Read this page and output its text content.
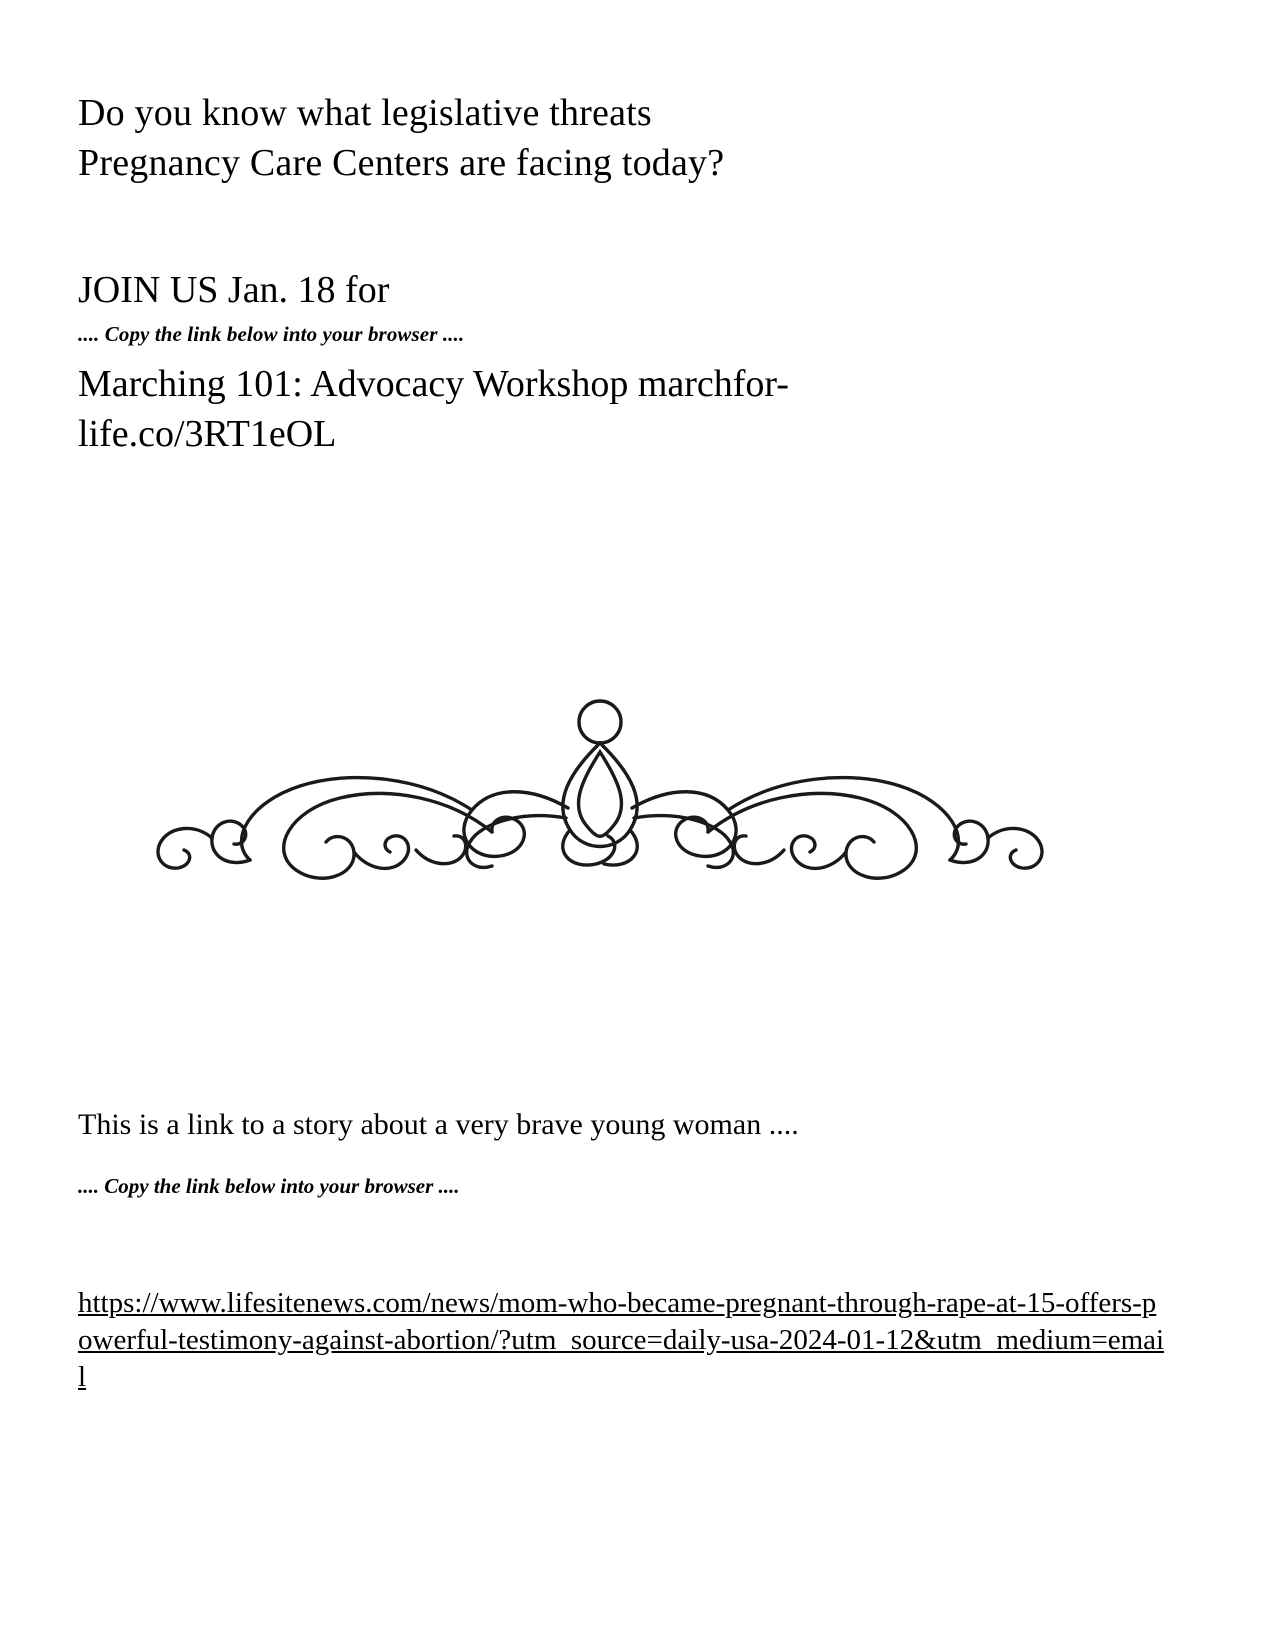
Do you know what legislative threats
Pregnancy Care Centers are facing today?
JOIN US Jan. 18 for
.... Copy the link below into your browser ....
Marching 101: Advocacy Workshop marchfor-life.co/3RT1eOL
This is a link to a story about a very brave young woman ....
.... Copy the link below into your browser ....
https://www.lifesitenews.com/news/mom-who-became-pregnant-through-rape-at-15-offers-powerful-testimony-against-abortion/?utm_source=daily-usa-2024-01-12&utm_medium=email
